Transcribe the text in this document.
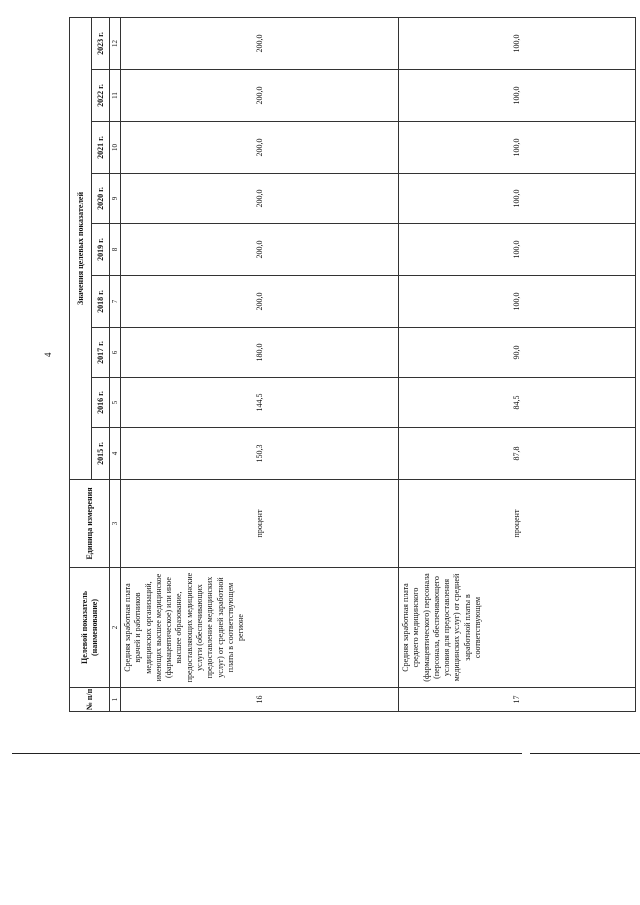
4
№ п/п	Целевой показатель (наименование)	Единица измерения	Значения целевых показателей								
			2015 г.	2016 г.	2017 г.	2018 г.	2019 г.	2020 г.	2021 г.	2022 г.	2023 г.
1	2	3	4	5	6	7	8	9	10	11	12
16	Средняя заработная плата врачей и работников медицинских организаций, имеющих высшее медицинское (фармацевтическое) или иное высшее образование, предоставляющих медицинские услуги (обеспечивающих предоставление медицинских услуг) от средней заработной платы в соответствующем регионе	процент	150,3	144,5	180,0	200,0	200,0	200,0	200,0	200,0	200,0
17	Средняя заработная плата среднего медицинского (фармацевтического) персонала (персонала, обеспечивающего условия для предоставления медицинских услуг) от средней заработной платы в соответствующем	процент	87,8	84,5	90,0	100,0	100,0	100,0	100,0	100,0	100,0
